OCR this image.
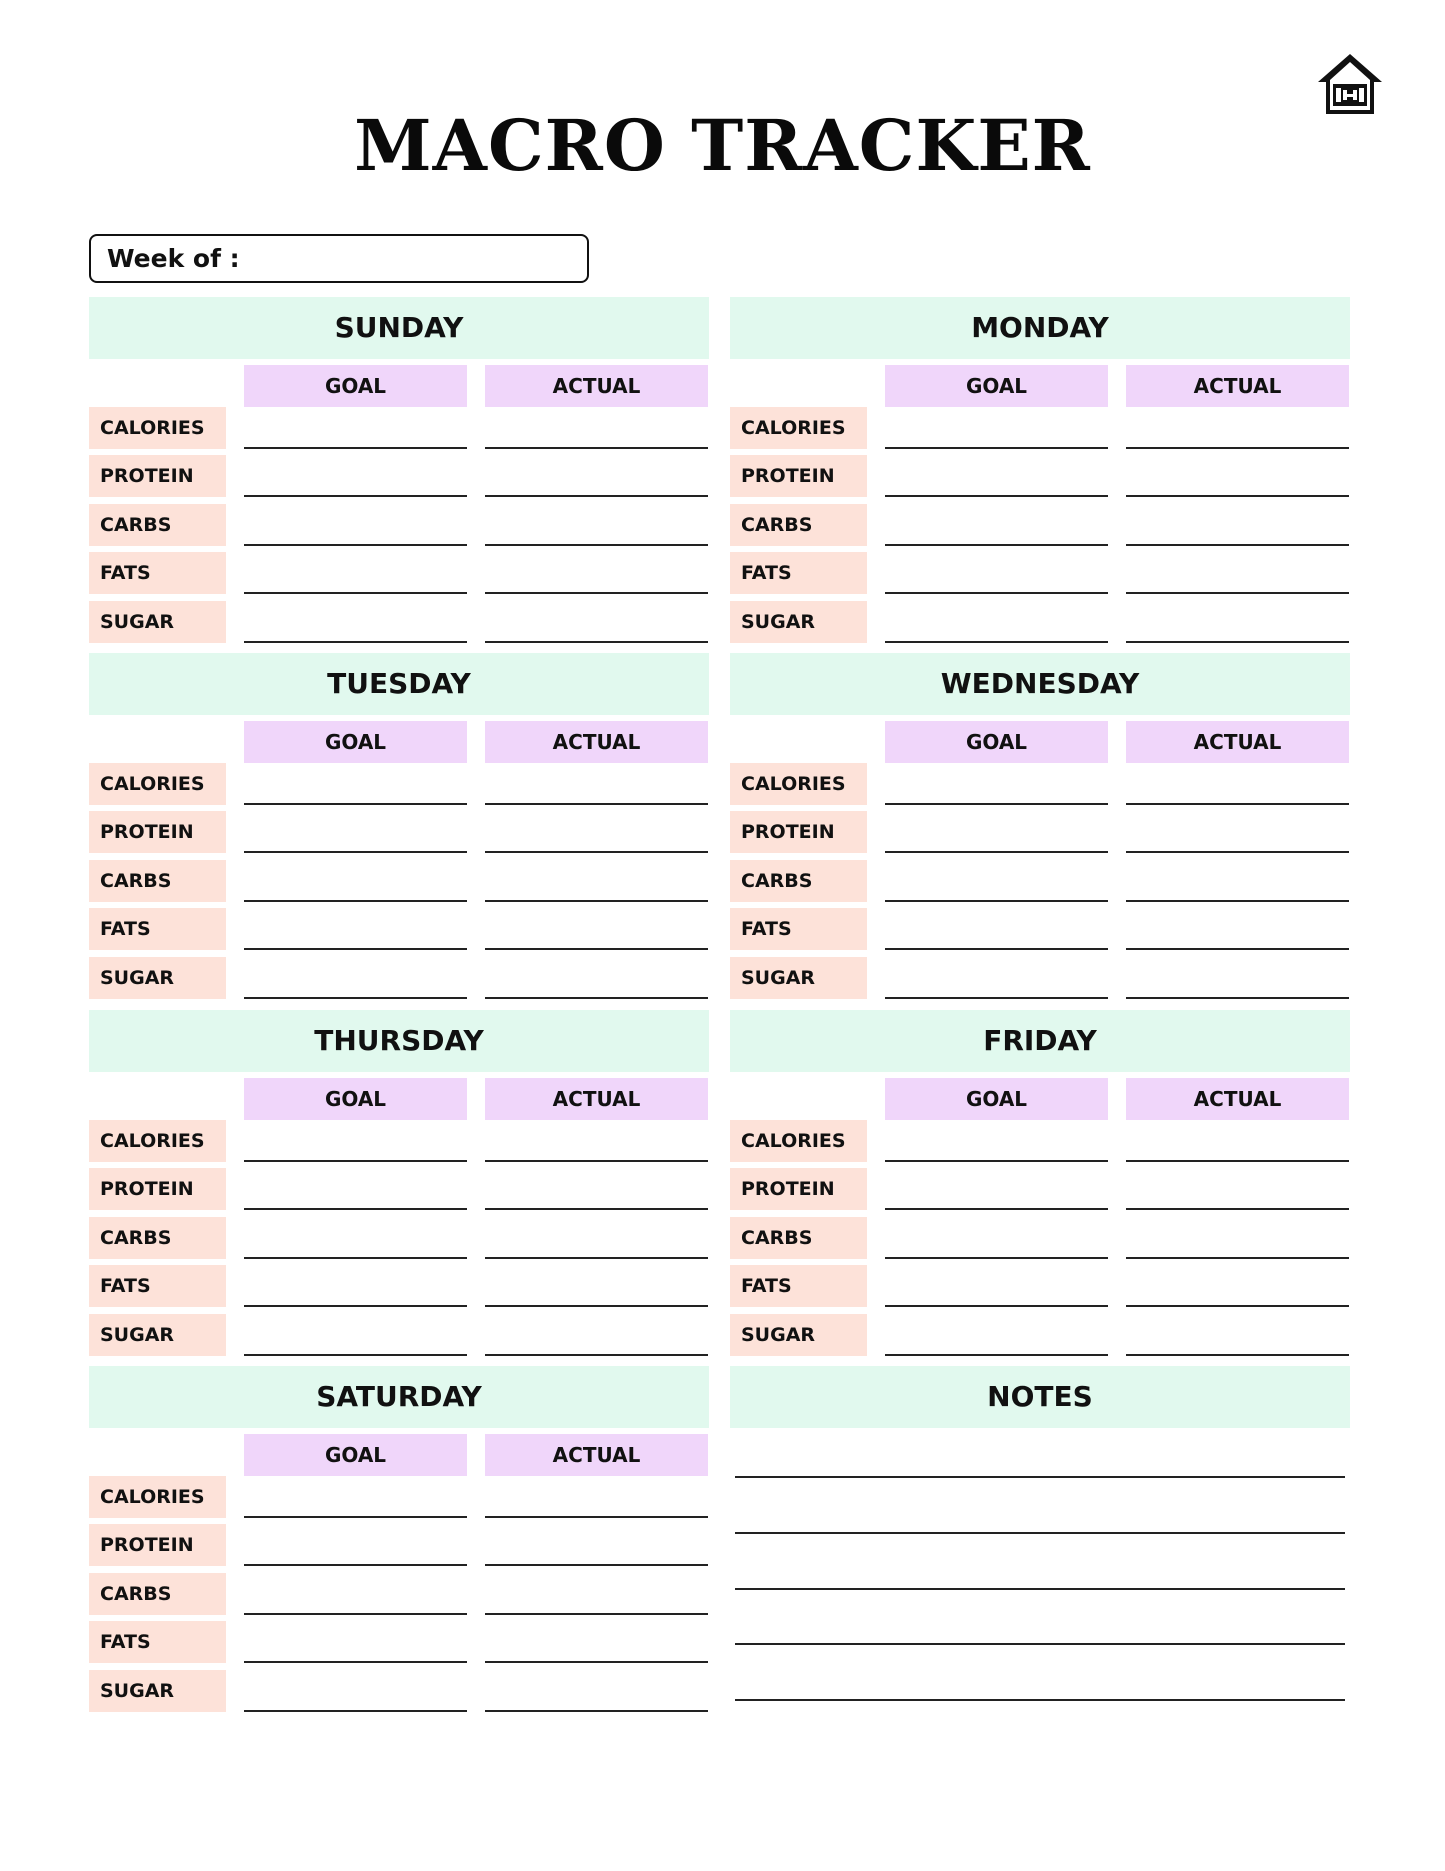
MACRO TRACKER
Week of :
SUNDAY
GOAL	ACTUAL
CALORIES
PROTEIN
CARBS
FATS
SUGAR
MONDAY
GOAL	ACTUAL
CALORIES
PROTEIN
CARBS
FATS
SUGAR
TUESDAY
GOAL	ACTUAL
CALORIES
PROTEIN
CARBS
FATS
SUGAR
WEDNESDAY
GOAL	ACTUAL
CALORIES
PROTEIN
CARBS
FATS
SUGAR
THURSDAY
GOAL	ACTUAL
CALORIES
PROTEIN
CARBS
FATS
SUGAR
FRIDAY
GOAL	ACTUAL
CALORIES
PROTEIN
CARBS
FATS
SUGAR
SATURDAY
GOAL	ACTUAL
CALORIES
PROTEIN
CARBS
FATS
SUGAR
NOTES
